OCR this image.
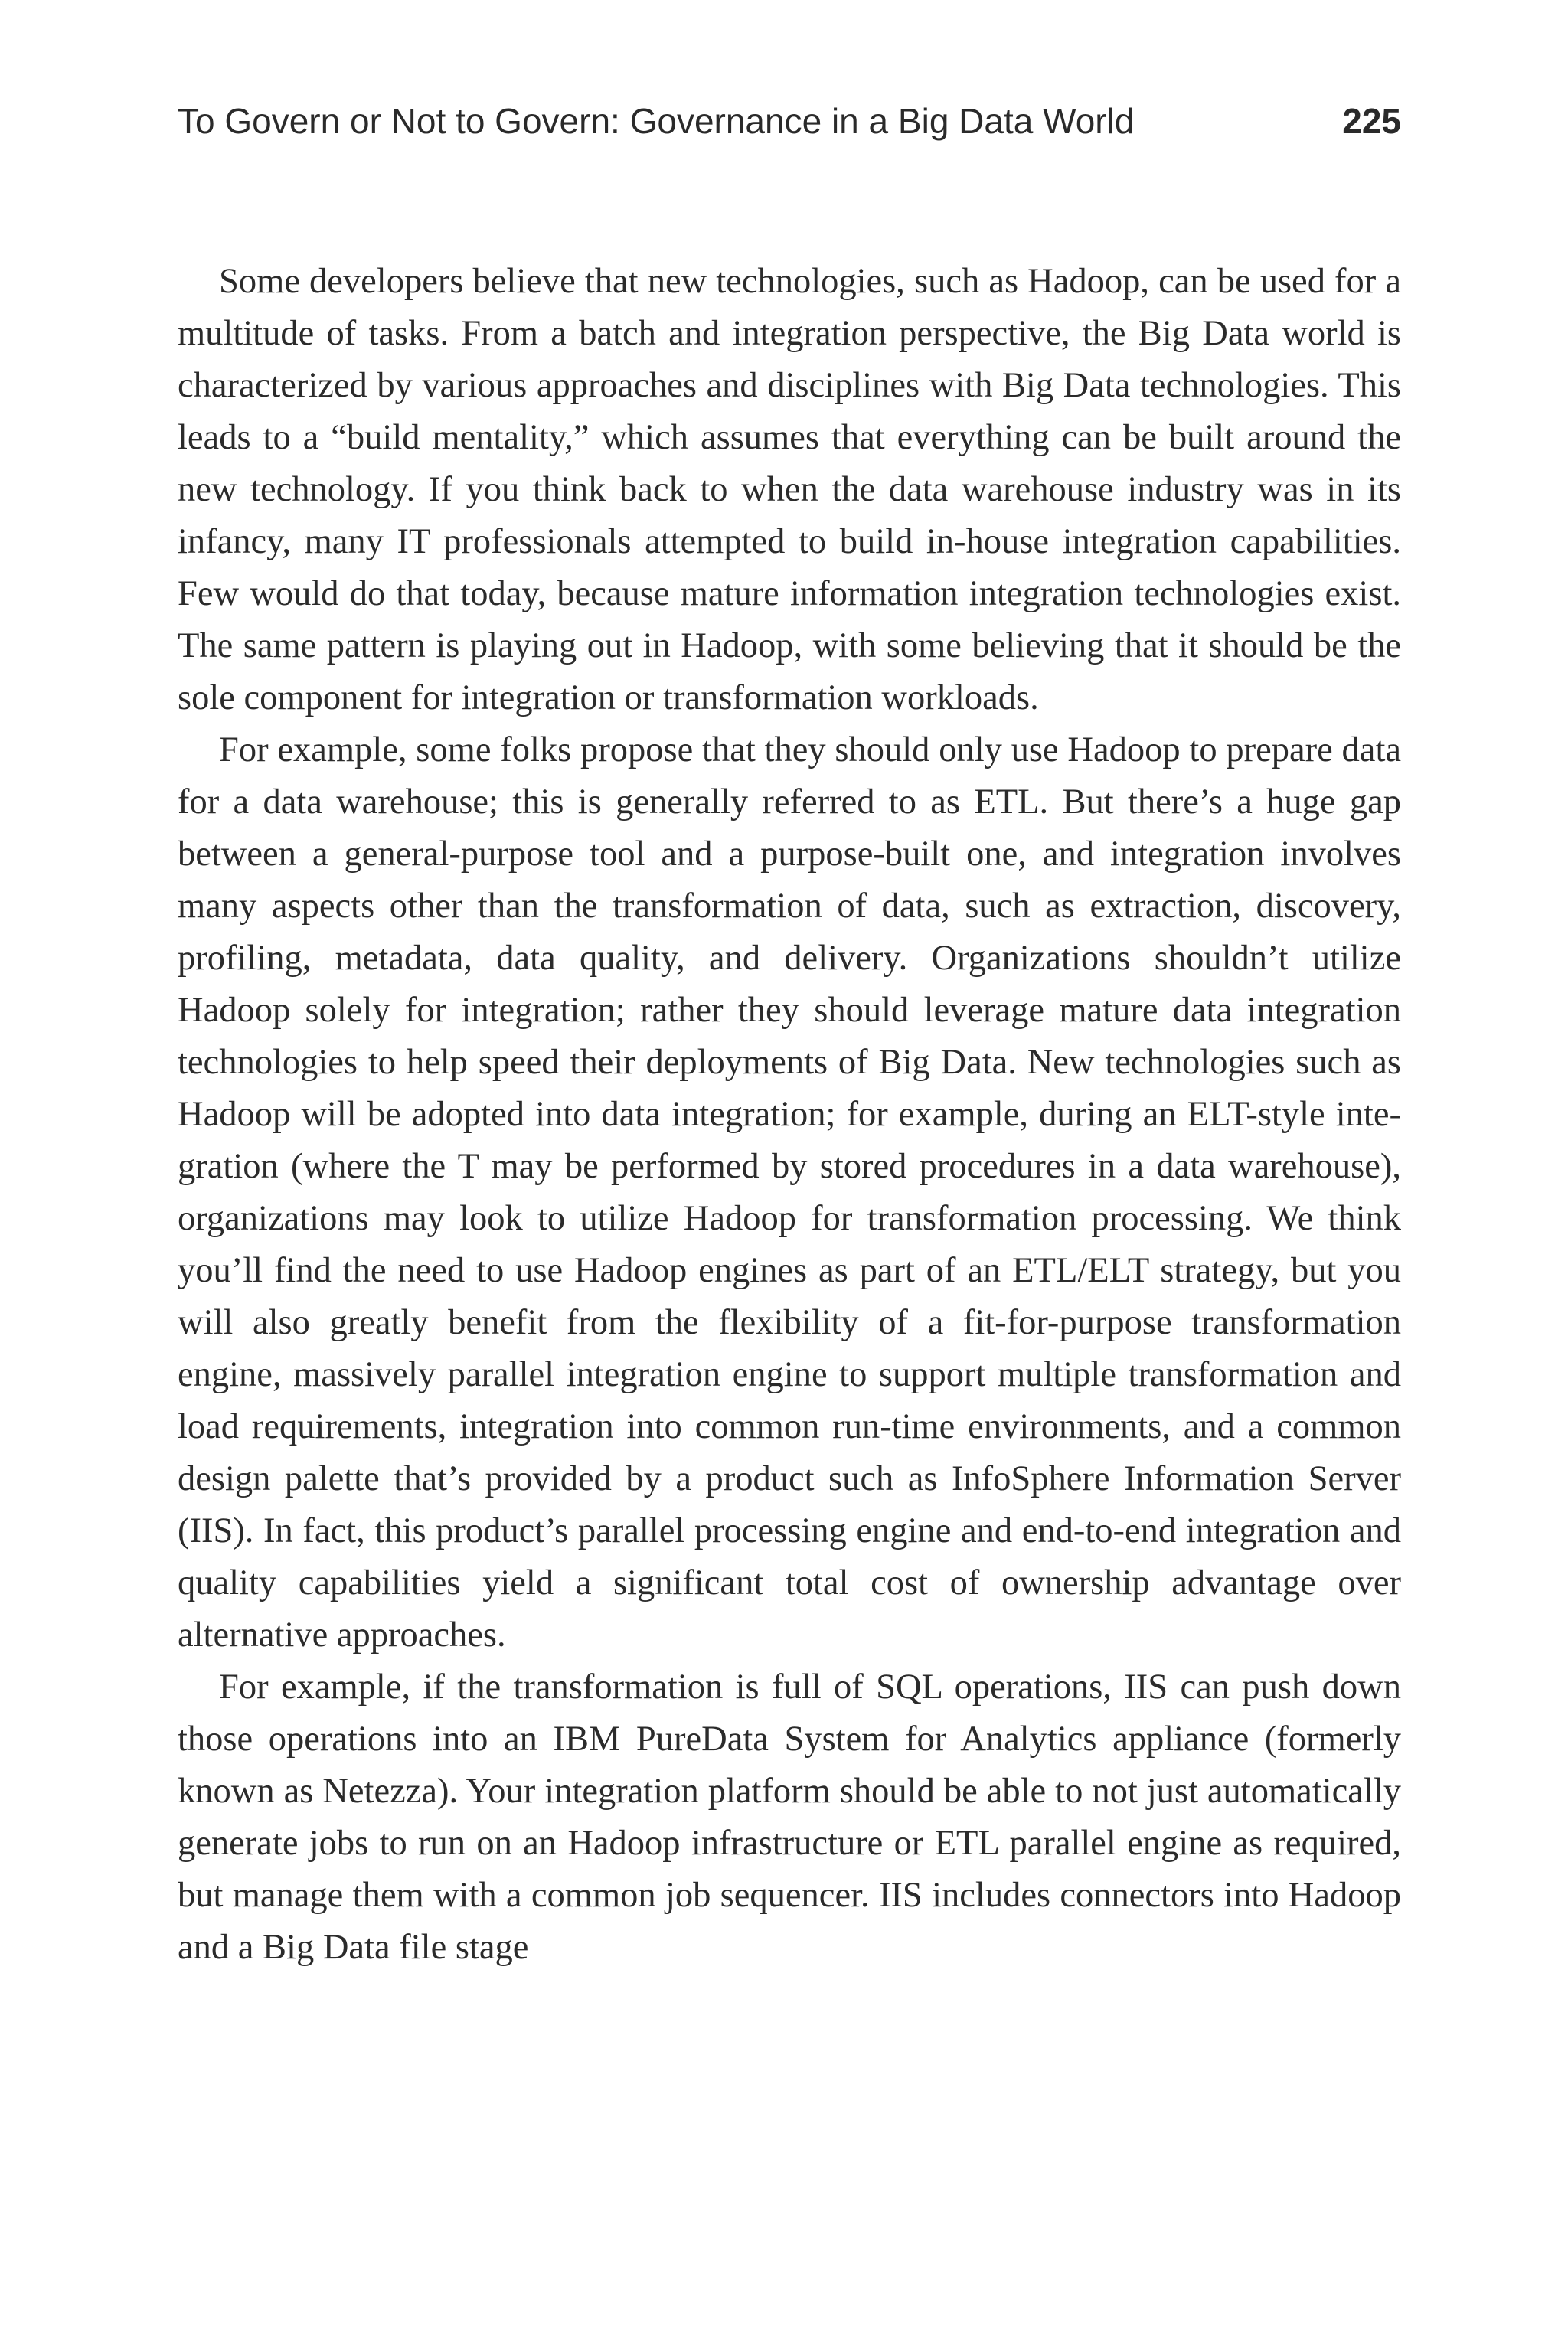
To Govern or Not to Govern: Governance in a Big Data World	225

Some developers believe that new technologies, such as Hadoop, can be used for a multitude of tasks. From a batch and integration perspective, the Big Data world is characterized by various approaches and disciplines with Big Data technologies. This leads to a “build mentality,” which assumes that everything can be built around the new technology. If you think back to when the data warehouse industry was in its infancy, many IT professionals attempted to build in-house integration capabilities. Few would do that today, because mature information integration technologies exist. The same pattern is playing out in Hadoop, with some believing that it should be the sole component for integration or transformation workloads.

For example, some folks propose that they should only use Hadoop to prepare data for a data warehouse; this is generally referred to as ETL. But there’s a huge gap between a general-purpose tool and a purpose-built one, and integration involves many aspects other than the transformation of data, such as extraction, discovery, profiling, metadata, data quality, and delivery. Organizations shouldn’t utilize Hadoop solely for integration; rather they should leverage mature data integration technologies to help speed their deployments of Big Data. New technologies such as Hadoop will be adopted into data integration; for example, during an ELT-style integration (where the T may be performed by stored procedures in a data warehouse), organizations may look to utilize Hadoop for transformation processing. We think you’ll find the need to use Hadoop engines as part of an ETL/ELT strategy, but you will also greatly benefit from the flexibility of a fit-for-purpose transformation engine, massively parallel integration engine to support multiple transformation and load requirements, integration into common run-time environments, and a common design palette that’s provided by a product such as InfoSphere Information Server (IIS). In fact, this product’s parallel processing engine and end-to-end integration and quality capabilities yield a significant total cost of ownership advantage over alternative approaches.

For example, if the transformation is full of SQL operations, IIS can push down those operations into an IBM PureData System for Analytics appliance (formerly known as Netezza). Your integration platform should be able to not just automatically generate jobs to run on an Hadoop infrastructure or ETL parallel engine as required, but manage them with a common job sequencer. IIS includes connectors into Hadoop and a Big Data file stage
